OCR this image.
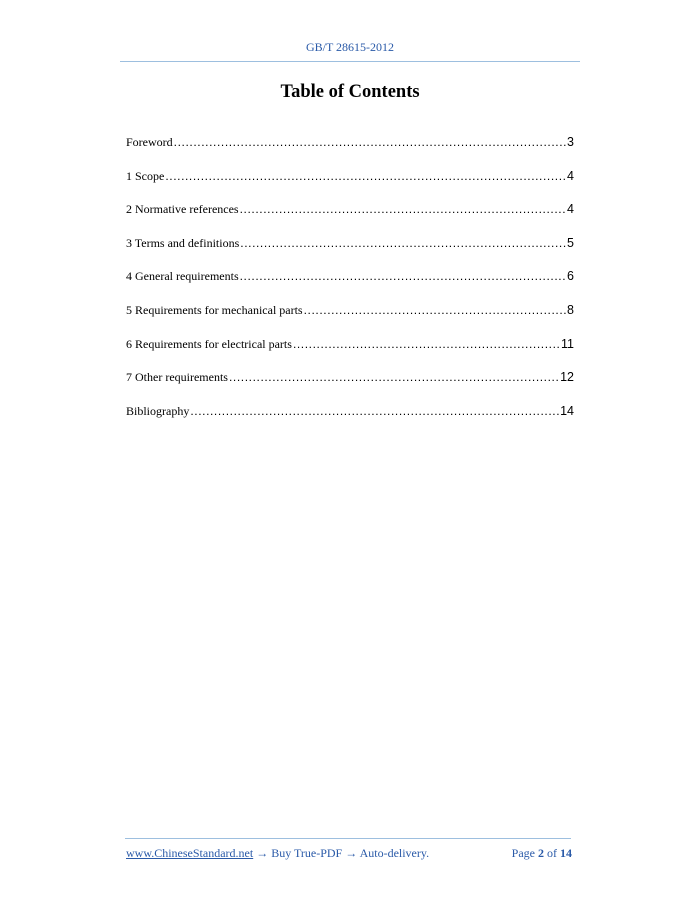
GB/T 28615-2012
Table of Contents
Foreword .....	3
1 Scope .....	4
2 Normative references .....	4
3 Terms and definitions .....	5
4 General requirements .....	6
5 Requirements for mechanical parts .....	8
6 Requirements for electrical parts .....	11
7 Other requirements .....	12
Bibliography .....	14
www.ChineseStandard.net → Buy True-PDF → Auto-delivery.	Page 2 of 14
